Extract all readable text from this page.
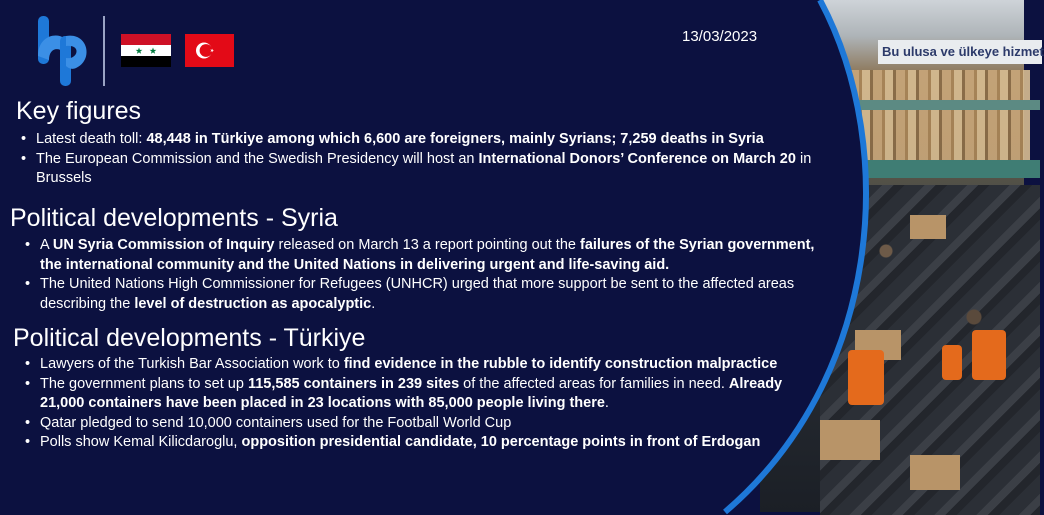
Bu ulusa ve ülkeye hizmet
13/03/2023
Key figures
• Latest death toll: 48,448 in Türkiye among which 6,600 are foreigners, mainly Syrians; 7,259 deaths in Syria
• The European Commission and the Swedish Presidency will host an International Donors’ Conference on March 20 in Brussels
Political developments - Syria
• A UN Syria Commission of Inquiry released on March 13 a report pointing out the failures of the Syrian government, the international community and the United Nations in delivering urgent and life-saving aid.
• The United Nations High Commissioner for Refugees (UNHCR) urged that more support be sent to the affected areas describing the level of destruction as apocalyptic.
Political developments - Türkiye
• Lawyers of the Turkish Bar Association work to find evidence in the rubble to identify construction malpractice
• The government plans to set up 115,585 containers in 239 sites of the affected areas for families in need. Already 21,000 containers have been placed in 23 locations with 85,000 people living there.
• Qatar pledged to send 10,000 containers used for the Football World Cup
• Polls show Kemal Kilicdaroglu, opposition presidential candidate, 10 percentage points in front of Erdogan
